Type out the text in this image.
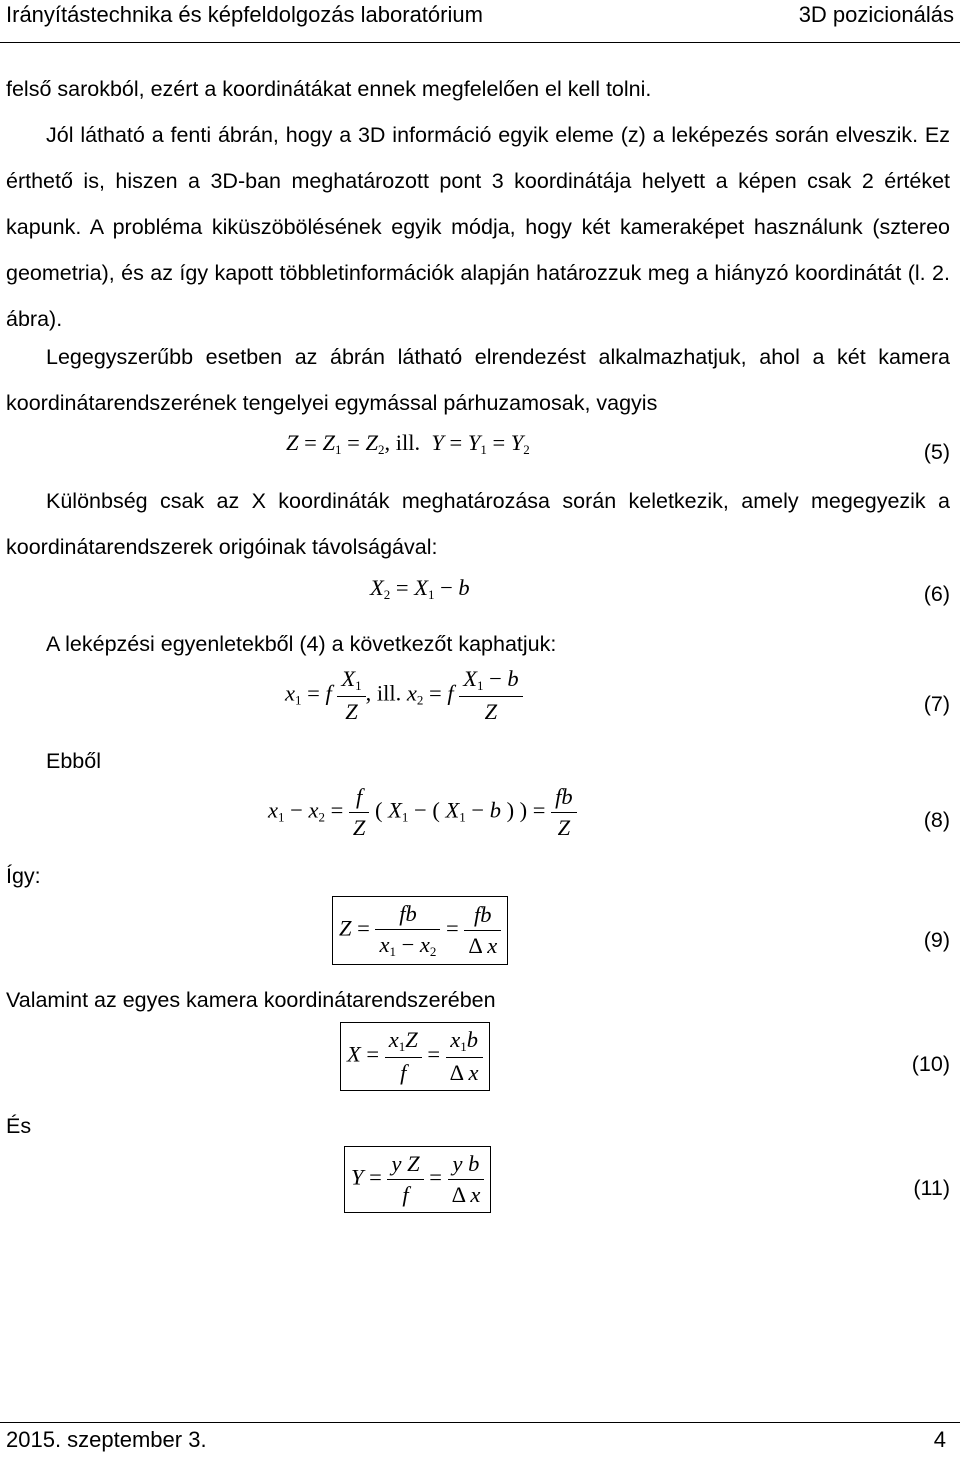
Irányítástechnika és képfeldolgozás laboratórium	3D pozicionálás
felső sarokból, ezért a koordinátákat ennek megfelelően el kell tolni.
Jól látható a fenti ábrán, hogy a 3D információ egyik eleme (z) a leképezés során elveszik. Ez érthető is, hiszen a 3D-ban meghatározott pont 3 koordinátája helyett a képen csak 2 értéket kapunk. A probléma kiküszöbölésének egyik módja, hogy két kameraképet használunk (sztereo geometria), és az így kapott többletinformációk alapján határozzuk meg a hiányzó koordinátát (l. 2. ábra).
Legegyszerűbb esetben az ábrán látható elrendezést alkalmazhatjuk, ahol a két kamera koordinátarendszerének tengelyei egymással párhuzamosak, vagyis
$Z = Z_1 = Z_2$, ill. $Y = Y_1 = Y_2$	(5)
Különbség csak az X koordináták meghatározása során keletkezik, amely megegyezik a koordinátarendszerek origóinak távolságával:
$X_2 = X_1 - b$	(6)
A leképzési egyenletekből (4) a következőt kaphatjuk:
$x_1 = f \frac{X_1}{Z}$ , ill. $x_2 = f \frac{X_1 - b}{Z}$	(7)
Ebből
$x_1 - x_2 = \frac{f}{Z}$ ( $X_1$ − ( $X_1 - b$ ) ) = $\frac{fb}{Z}$	(8)
Így:
$Z = \frac{fb}{x_1 - x_2} = \frac{fb}{\text{Δ x}}$	(9)
Valamint az egyes kamera koordinátarendszerében
$X = \frac{x_1Z}{f} = \frac{x_1b}{\text{Δ x}}$	(10)
És
$Y = \frac{\text{y Z}}{f} = \frac{\text{y b}}{\text{Δ x}}$	(11)
2015. szeptember 3.	4
